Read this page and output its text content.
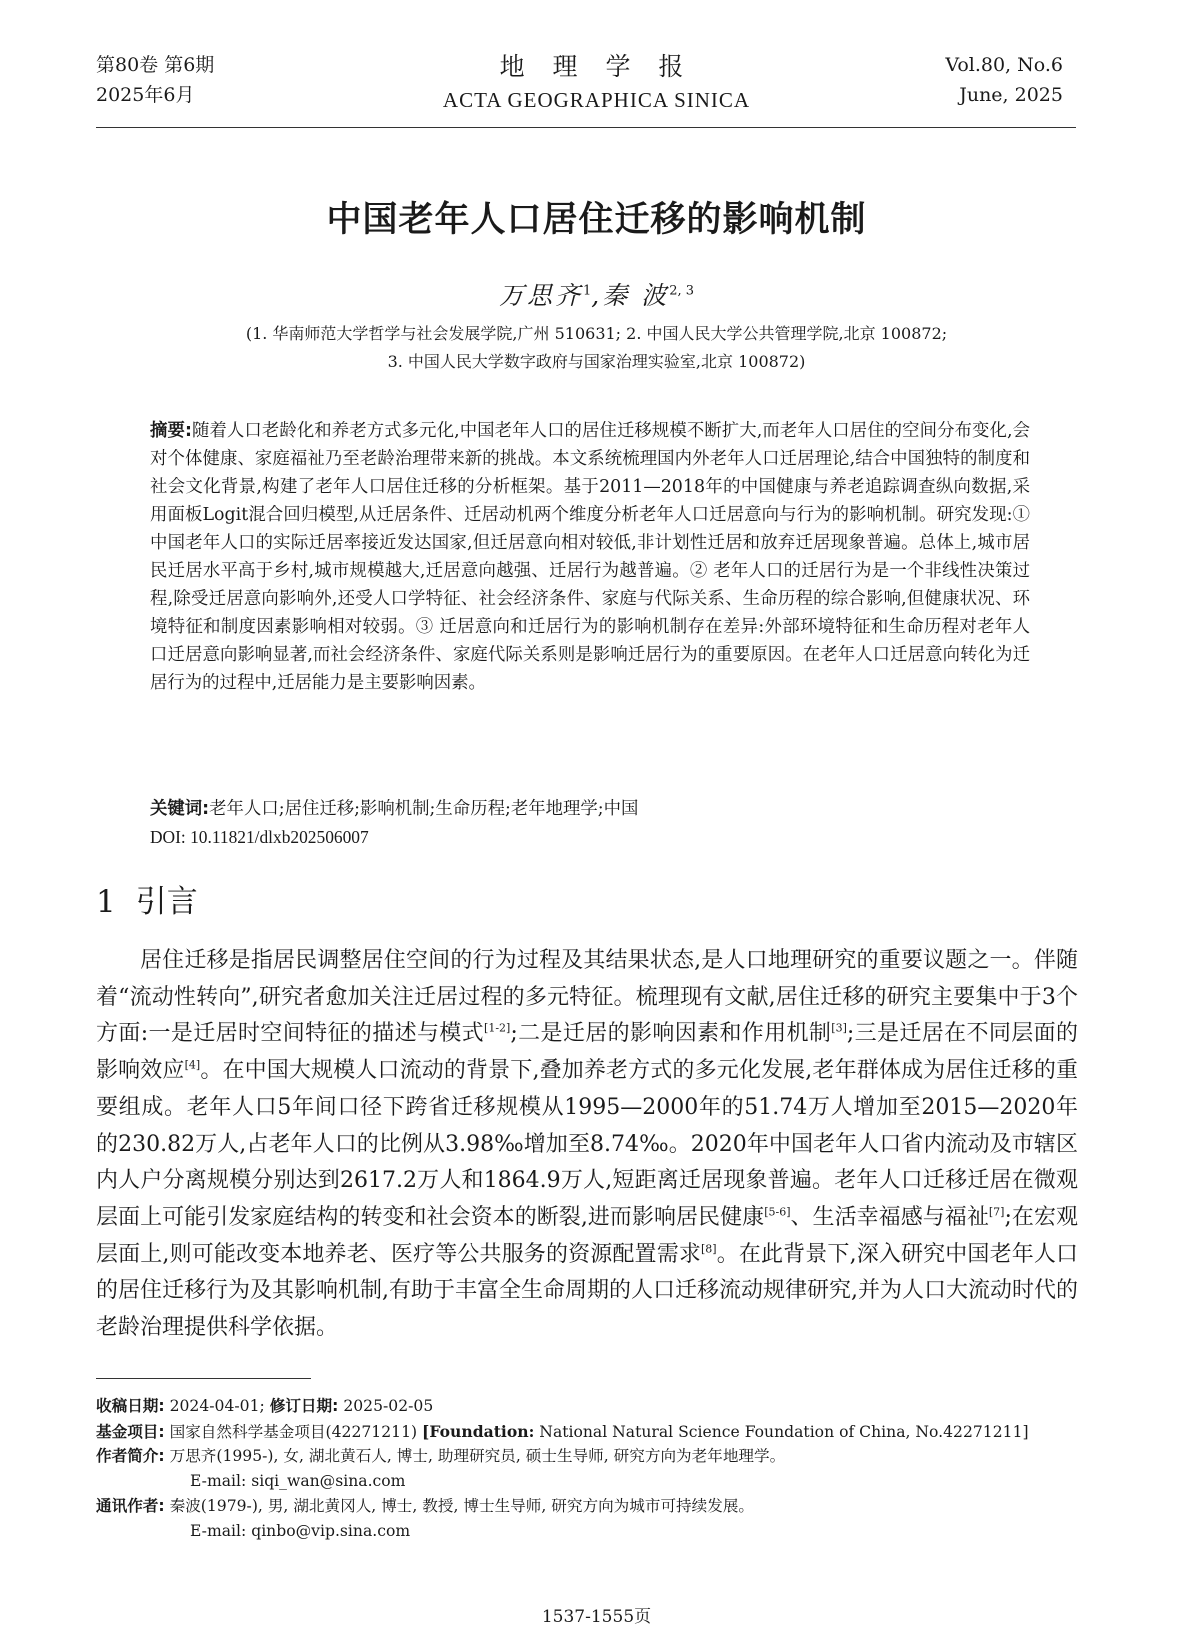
第80卷 第6期
2025年6月
地 理 学 报
ACTA GEOGRAPHICA SINICA
Vol.80, No.6
June, 2025
中国老年人口居住迁移的影响机制
万思齐$^1$,秦 波$^{2, 3}$
(1. 华南师范大学哲学与社会发展学院,广州 510631; 2. 中国人民大学公共管理学院,北京 100872;
3. 中国人民大学数字政府与国家治理实验室,北京 100872)
摘要:随着人口老龄化和养老方式多元化,中国老年人口的居住迁移规模不断扩大,而老年人口居住的空间分布变化,会对个体健康、家庭福祉乃至老龄治理带来新的挑战。本文系统梳理国内外老年人口迁居理论,结合中国独特的制度和社会文化背景,构建了老年人口居住迁移的分析框架。基于2011—2018年的中国健康与养老追踪调查纵向数据,采用面板Logit混合回归模型,从迁居条件、迁居动机两个维度分析老年人口迁居意向与行为的影响机制。研究发现:① 中国老年人口的实际迁居率接近发达国家,但迁居意向相对较低,非计划性迁居和放弃迁居现象普遍。总体上,城市居民迁居水平高于乡村,城市规模越大,迁居意向越强、迁居行为越普遍。② 老年人口的迁居行为是一个非线性决策过程,除受迁居意向影响外,还受人口学特征、社会经济条件、家庭与代际关系、生命历程的综合影响,但健康状况、环境特征和制度因素影响相对较弱。③ 迁居意向和迁居行为的影响机制存在差异:外部环境特征和生命历程对老年人口迁居意向影响显著,而社会经济条件、家庭代际关系则是影响迁居行为的重要原因。在老年人口迁居意向转化为迁居行为的过程中,迁居能力是主要影响因素。
关键词:老年人口;居住迁移;影响机制;生命历程;老年地理学;中国
DOI: 10.11821/dlxb202506007
1 引言
居住迁移是指居民调整居住空间的行为过程及其结果状态,是人口地理研究的重要议题之一。伴随着“流动性转向”,研究者愈加关注迁居过程的多元特征。梳理现有文献,居住迁移的研究主要集中于3个方面:一是迁居时空间特征的描述与模式[1-2];二是迁居的影响因素和作用机制[3];三是迁居在不同层面的影响效应[4]。在中国大规模人口流动的背景下,叠加养老方式的多元化发展,老年群体成为居住迁移的重要组成。老年人口5年间口径下跨省迁移规模从1995—2000年的51.74万人增加至2015—2020年的230.82万人,占老年人口的比例从3.98‰增加至8.74‰。2020年中国老年人口省内流动及市辖区内人户分离规模分别达到2617.2万人和1864.9万人,短距离迁居现象普遍。老年人口迁移迁居在微观层面上可能引发家庭结构的转变和社会资本的断裂,进而影响居民健康[5-6]、生活幸福感与福祉[7];在宏观层面上,则可能改变本地养老、医疗等公共服务的资源配置需求[8]。在此背景下,深入研究中国老年人口的居住迁移行为及其影响机制,有助于丰富全生命周期的人口迁移流动规律研究,并为人口大流动时代的老龄治理提供科学依据。
收稿日期: 2024-04-01; 修订日期: 2025-02-05
基金项目: 国家自然科学基金项目(42271211) [Foundation: National Natural Science Foundation of China, No.42271211]
作者简介: 万思齐(1995-), 女, 湖北黄石人, 博士, 助理研究员, 硕士生导师, 研究方向为老年地理学。
E-mail: siqi_wan@sina.com
通讯作者: 秦波(1979-), 男, 湖北黄冈人, 博士, 教授, 博士生导师, 研究方向为城市可持续发展。
E-mail: qinbo@vip.sina.com
1537-1555页
